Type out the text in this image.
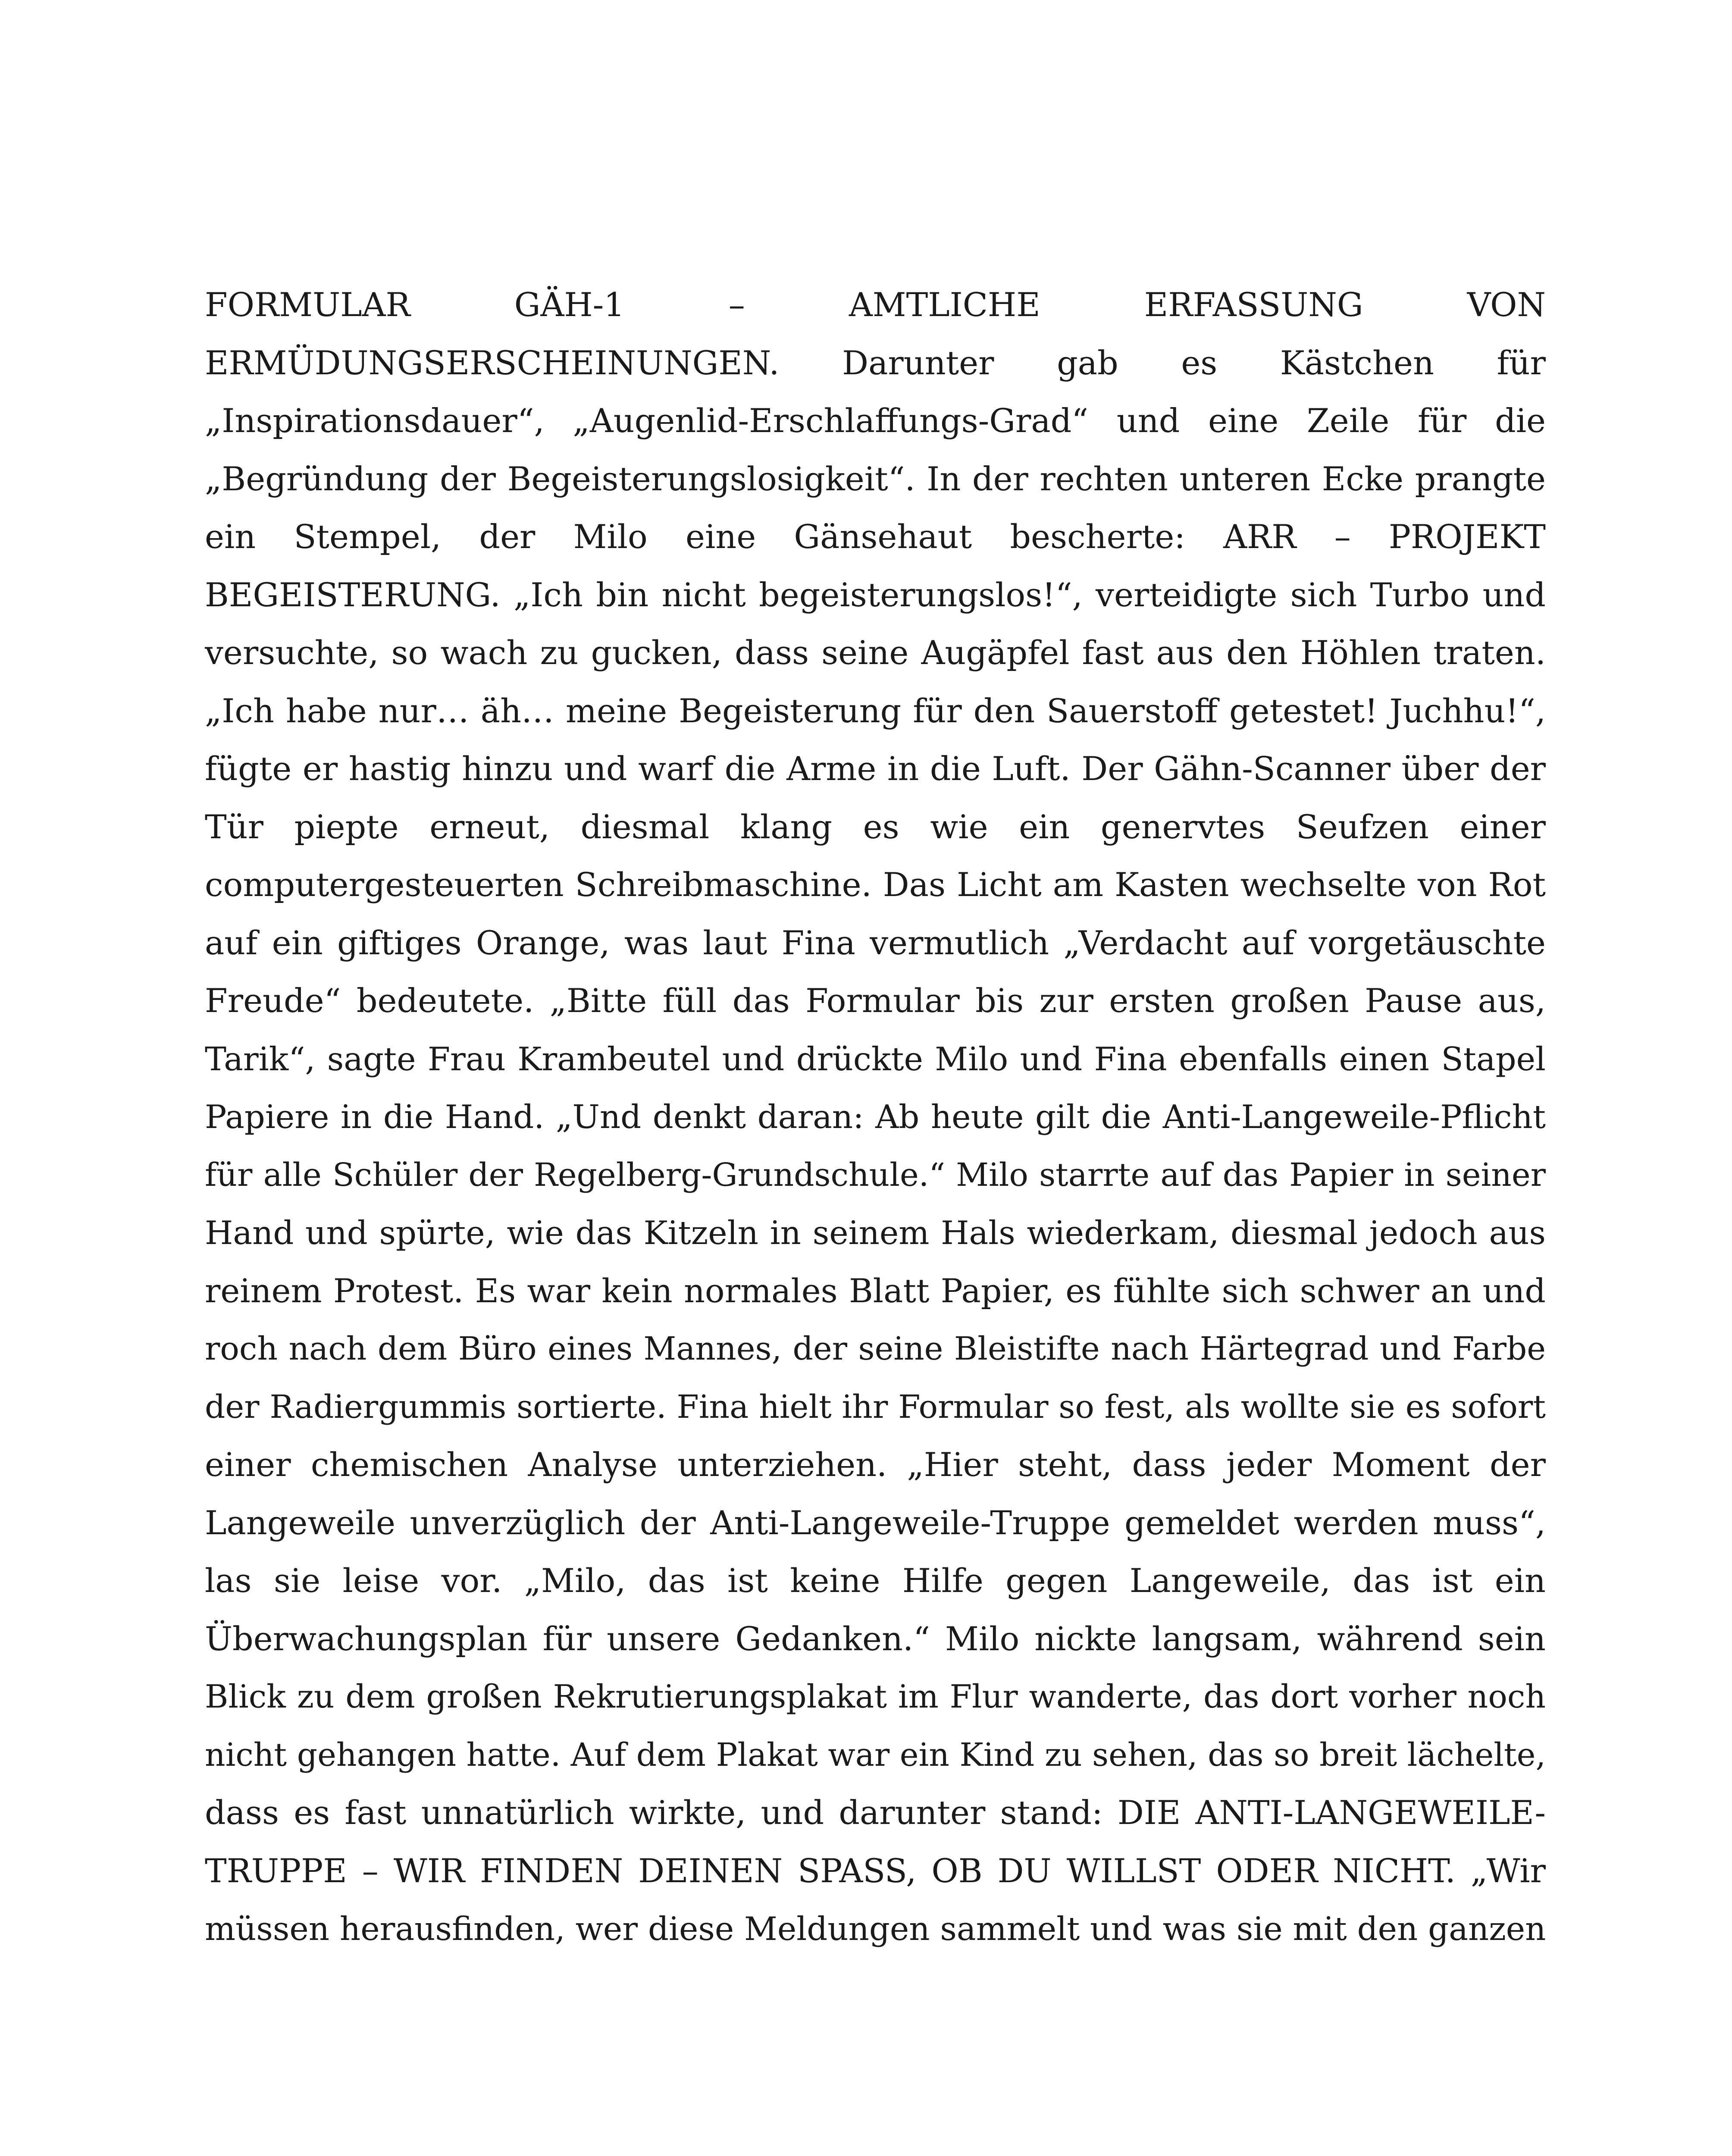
FORMULAR GÄH-1 – AMTLICHE ERFASSUNG VON
ERMÜDUNGSERSCHEINUNGEN. Darunter gab es Kästchen für
„Inspirationsdauer“, „Augenlid-Erschlaffungs-Grad“ und eine Zeile für die
„Begründung der Begeisterungslosigkeit“. In der rechten unteren Ecke prangte
ein Stempel, der Milo eine Gänsehaut bescherte: ARR – PROJEKT
BEGEISTERUNG. „Ich bin nicht begeisterungslos!“, verteidigte sich Turbo und
versuchte, so wach zu gucken, dass seine Augäpfel fast aus den Höhlen traten.
„Ich habe nur… äh… meine Begeisterung für den Sauerstoff getestet! Juchhu!“,
fügte er hastig hinzu und warf die Arme in die Luft. Der Gähn-Scanner über der
Tür piepte erneut, diesmal klang es wie ein genervtes Seufzen einer
computergesteuerten Schreibmaschine. Das Licht am Kasten wechselte von Rot
auf ein giftiges Orange, was laut Fina vermutlich „Verdacht auf vorgetäuschte
Freude“ bedeutete. „Bitte füll das Formular bis zur ersten großen Pause aus,
Tarik“, sagte Frau Krambeutel und drückte Milo und Fina ebenfalls einen Stapel
Papiere in die Hand. „Und denkt daran: Ab heute gilt die Anti-Langeweile-Pflicht
für alle Schüler der Regelberg-Grundschule.“ Milo starrte auf das Papier in seiner
Hand und spürte, wie das Kitzeln in seinem Hals wiederkam, diesmal jedoch aus
reinem Protest. Es war kein normales Blatt Papier, es fühlte sich schwer an und
roch nach dem Büro eines Mannes, der seine Bleistifte nach Härtegrad und Farbe
der Radiergummis sortierte. Fina hielt ihr Formular so fest, als wollte sie es sofort
einer chemischen Analyse unterziehen. „Hier steht, dass jeder Moment der
Langeweile unverzüglich der Anti-Langeweile-Truppe gemeldet werden muss“,
las sie leise vor. „Milo, das ist keine Hilfe gegen Langeweile, das ist ein
Überwachungsplan für unsere Gedanken.“ Milo nickte langsam, während sein
Blick zu dem großen Rekrutierungsplakat im Flur wanderte, das dort vorher noch
nicht gehangen hatte. Auf dem Plakat war ein Kind zu sehen, das so breit lächelte,
dass es fast unnatürlich wirkte, und darunter stand: DIE ANTI-LANGEWEILE-
TRUPPE – WIR FINDEN DEINEN SPASS, OB DU WILLST ODER NICHT. „Wir
müssen herausfinden, wer diese Meldungen sammelt und was sie mit den ganzen
